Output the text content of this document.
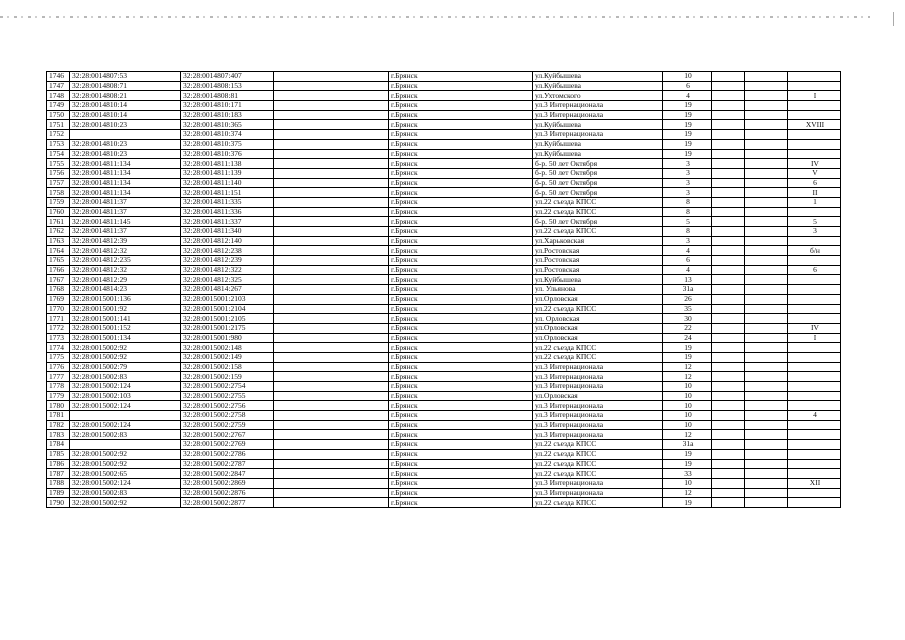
1746	32:28:0014807:53	32:28:0014807:407		г.Брянск	ул.Куйбышева	10			
1747	32:28:0014808:71	32:28:0014808:153		г.Брянск	ул.Куйбышева	6			
1748	32:28:0014808:21	32:28:0014808:81		г.Брянск	ул.Ухтомского	4			I
1749	32:28:0014810:14	32:28:0014810:171		г.Брянск	ул.3 Интернационала	19			
1750	32:28:0014810:14	32:28:0014810:183		г.Брянск	ул.3 Интернационала	19			
1751	32:28:0014810:23	32:28:0014810:365		г.Брянск	ул.Куйбышева	19			XVIII
1752		32:28:0014810:374		г.Брянск	ул.3 Интернационала	19			
1753	32:28:0014810:23	32:28:0014810:375		г.Брянск	ул.Куйбышева	19			
1754	32:28:0014810:23	32:28:0014810:376		г.Брянск	ул.Куйбышева	19			
1755	32:28:0014811:134	32:28:0014811:138		г.Брянск	б-р. 50 лет Октября	3			IV
1756	32:28:0014811:134	32:28:0014811:139		г.Брянск	б-р. 50 лет Октября	3			V
1757	32:28:0014811:134	32:28:0014811:140		г.Брянск	б-р. 50 лет Октября	3			6
1758	32:28:0014811:134	32:28:0014811:151		г.Брянск	б-р. 50 лет Октября	3			II
1759	32:28:0014811:37	32:28:0014811:335		г.Брянск	ул.22 съезда КПСС	8			1
1760	32:28:0014811:37	32:28:0014811:336		г.Брянск	ул.22 съезда КПСС	8			
1761	32:28:0014811:145	32:28:0014811:337		г.Брянск	б-р. 50 лет Октября	5			5
1762	32:28:0014811:37	32:28:0014811:340		г.Брянск	ул.22 съезда КПСС	8			3
1763	32:28:0014812:39	32:28:0014812:140		г.Брянск	ул.Харьковская	3			
1764	32:28:0014812:32	32:28:0014812:238		г.Брянск	ул.Ростовская	4			б/н
1765	32:28:0014812:235	32:28:0014812:239		г.Брянск	ул.Ростовская	6			
1766	32:28:0014812:32	32:28:0014812:322		г.Брянск	ул.Ростовская	4			6
1767	32:28:0014812:29	32:28:0014812:325		г.Брянск	ул.Куйбышева	13			
1768	32:28:0014814:23	32:28:0014814:267		г.Брянск	ул. Ульянова	31а			
1769	32:28:0015001:136	32:28:0015001:2103		г.Брянск	ул.Орловская	26			
1770	32:28:0015001:92	32:28:0015001:2104		г.Брянск	ул.22 съезда КПСС	35			
1771	32:28:0015001:141	32:28:0015001:2105		г.Брянск	ул. Орловская	30			
1772	32:28:0015001:152	32:28:0015001:2175		г.Брянск	ул.Орловская	22			IV
1773	32:28:0015001:134	32:28:0015001:980		г.Брянск	ул.Орловская	24			I
1774	32:28:0015002:92	32:28:0015002:148		г.Брянск	ул.22 съезда КПСС	19			
1775	32:28:0015002:92	32:28:0015002:149		г.Брянск	ул.22 съезда КПСС	19			
1776	32:28:0015002:79	32:28:0015002:158		г.Брянск	ул.3 Интернационала	12			
1777	32:28:0015002:83	32:28:0015002:159		г.Брянск	ул.3 Интернационала	12			
1778	32:28:0015002:124	32:28:0015002:2754		г.Брянск	ул.3 Интернационала	10			
1779	32:28:0015002:103	32:28:0015002:2755		г.Брянск	ул.Орловская	10			
1780	32:28:0015002:124	32:28:0015002:2756		г.Брянск	ул.3 Интернационала	10			
1781		32:28:0015002:2758		г.Брянск	ул.3 Интернационала	10			4
1782	32:28:0015002:124	32:28:0015002:2759		г.Брянск	ул.3 Интернационала	10			
1783	32:28:0015002:83	32:28:0015002:2767		г.Брянск	ул.3 Интернационала	12			
1784		32:28:0015002:2769		г.Брянск	ул.22 съезда КПСС	31а			
1785	32:28:0015002:92	32:28:0015002:2786		г.Брянск	ул.22 съезда КПСС	19			
1786	32:28:0015002:92	32:28:0015002:2787		г.Брянск	ул.22 съезда КПСС	19			
1787	32:28:0015002:65	32:28:0015002:2847		г.Брянск	ул.22 съезда КПСС	33			
1788	32:28:0015002:124	32:28:0015002:2869		г.Брянск	ул.3 Интернационала	10			XII
1789	32:28:0015002:83	32:28:0015002:2876		г.Брянск	ул.3 Интернационала	12			
1790	32:28:0015002:92	32:28:0015002:2877		г.Брянск	ул.22 съезда КПСС	19			
